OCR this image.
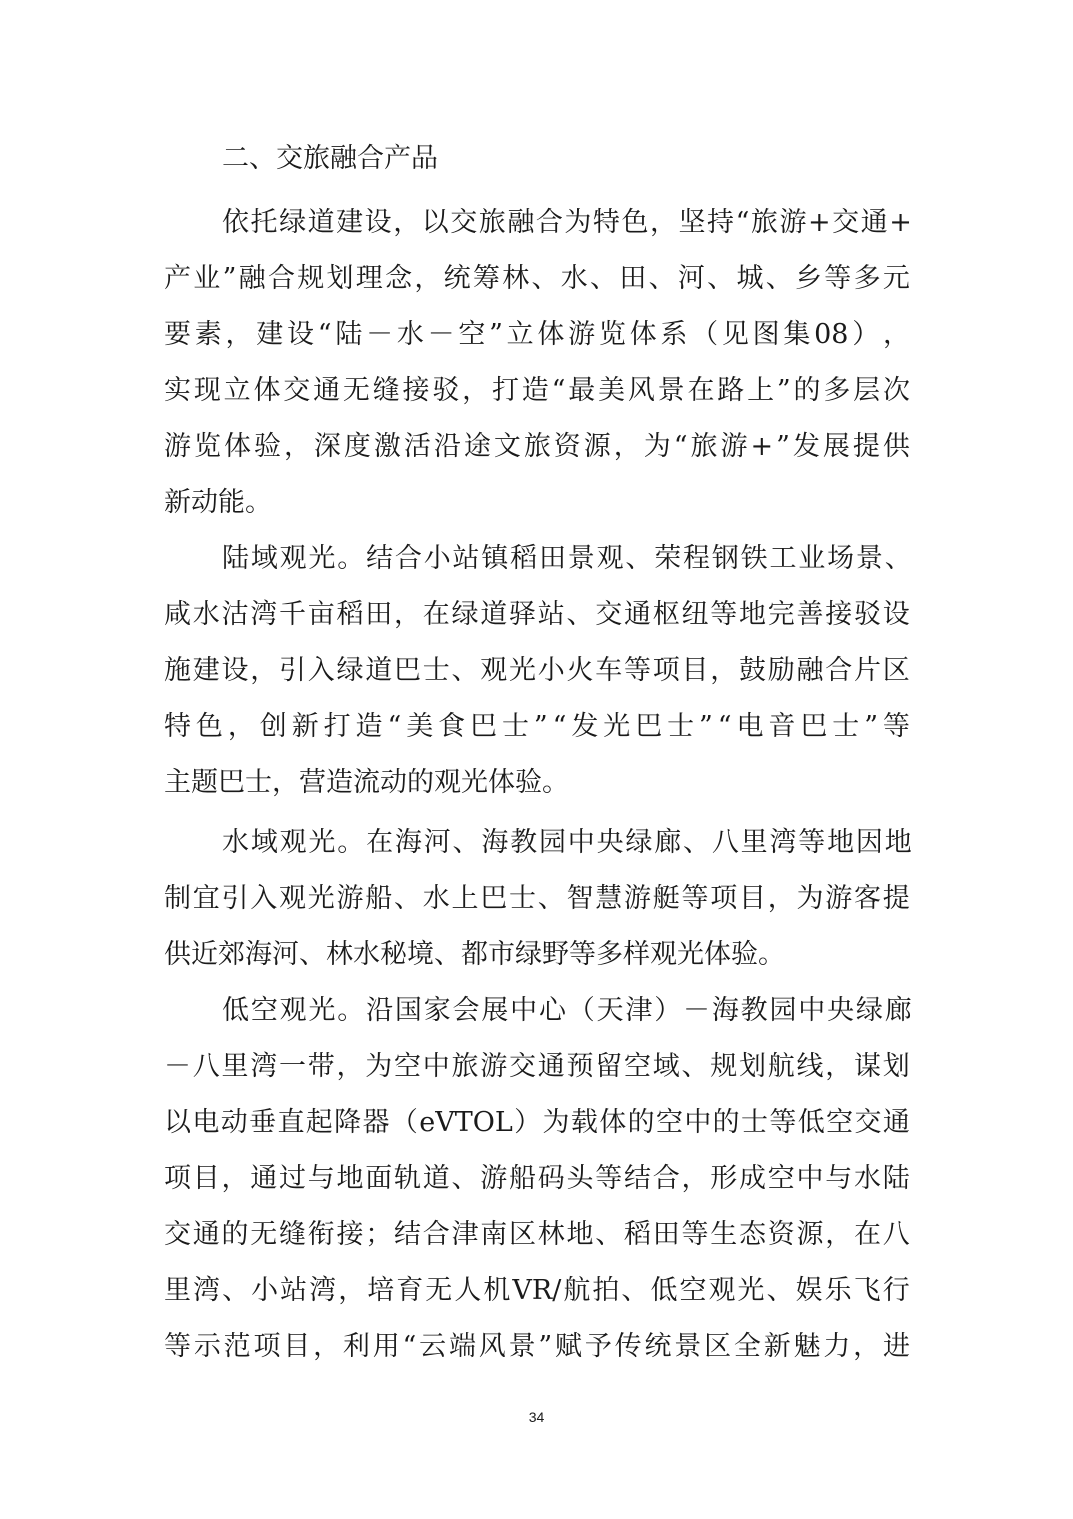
二、交旅融合产品
依 托 绿 道 建 设 ， 以 交 旅 融 合 为 特 色 ， 坚 持 “ 旅 游 + 交 通 +
产 业 ” 融 合 规 划 理 念 ， 统 筹 林 、 水 、 田 、 河 、 城 、 乡 等 多 元
要 素 ， 建 设 “ 陆 － 水 － 空 ” 立 体 游 览 体 系 （ 见 图 集 08 ） ，
实 现 立 体 交 通 无 缝 接 驳 ， 打 造 “ 最 美 风 景 在 路 上 ” 的 多 层 次
游 览 体 验 ， 深 度 激 活 沿 途 文 旅 资 源 ， 为 “ 旅 游 + ” 发 展 提 供
新动能。
陆 域 观 光 。 结 合 小 站 镇 稻 田 景 观 、 荣 程 钢 铁 工 业 场 景 、
咸 水 沽 湾 千 亩 稻 田 ， 在 绿 道 驿 站 、 交 通 枢 纽 等 地 完 善 接 驳 设
施 建 设 ， 引 入 绿 道 巴 士 、 观 光 小 火 车 等 项 目 ， 鼓 励 融 合 片 区
特 色 ， 创 新 打 造 “ 美 食 巴 士 ” “ 发 光 巴 士 ” “ 电 音 巴 士 ” 等
主题巴士，营造流动的观光体验。
水 域 观 光 。 在 海 河 、 海 教 园 中 央 绿 廊 、 八 里 湾 等 地 因 地
制 宜 引 入 观 光 游 船 、 水 上 巴 士 、 智 慧 游 艇 等 项 目 ， 为 游 客 提
供近郊海河、林水秘境、都市绿野等多样观光体验。
低 空 观 光 。 沿 国 家 会 展 中 心 （ 天 津 ） － 海 教 园 中 央 绿 廊
－ 八 里 湾 一 带 ， 为 空 中 旅 游 交 通 预 留 空 域 、 规 划 航 线 ， 谋 划
以 电 动 垂 直 起 降 器 （ eVTOL ） 为 载 体 的 空 中 的 士 等 低 空 交 通
项 目 ， 通 过 与 地 面 轨 道 、 游 船 码 头 等 结 合 ， 形 成 空 中 与 水 陆
交 通 的 无 缝 衔 接 ； 结 合 津 南 区 林 地 、 稻 田 等 生 态 资 源 ， 在 八
里 湾 、 小 站 湾 ， 培 育 无 人 机 VR/ 航 拍 、 低 空 观 光 、 娱 乐 飞 行
等 示 范 项 目 ， 利 用 “ 云 端 风 景 ” 赋 予 传 统 景 区 全 新 魅 力 ， 进
34
